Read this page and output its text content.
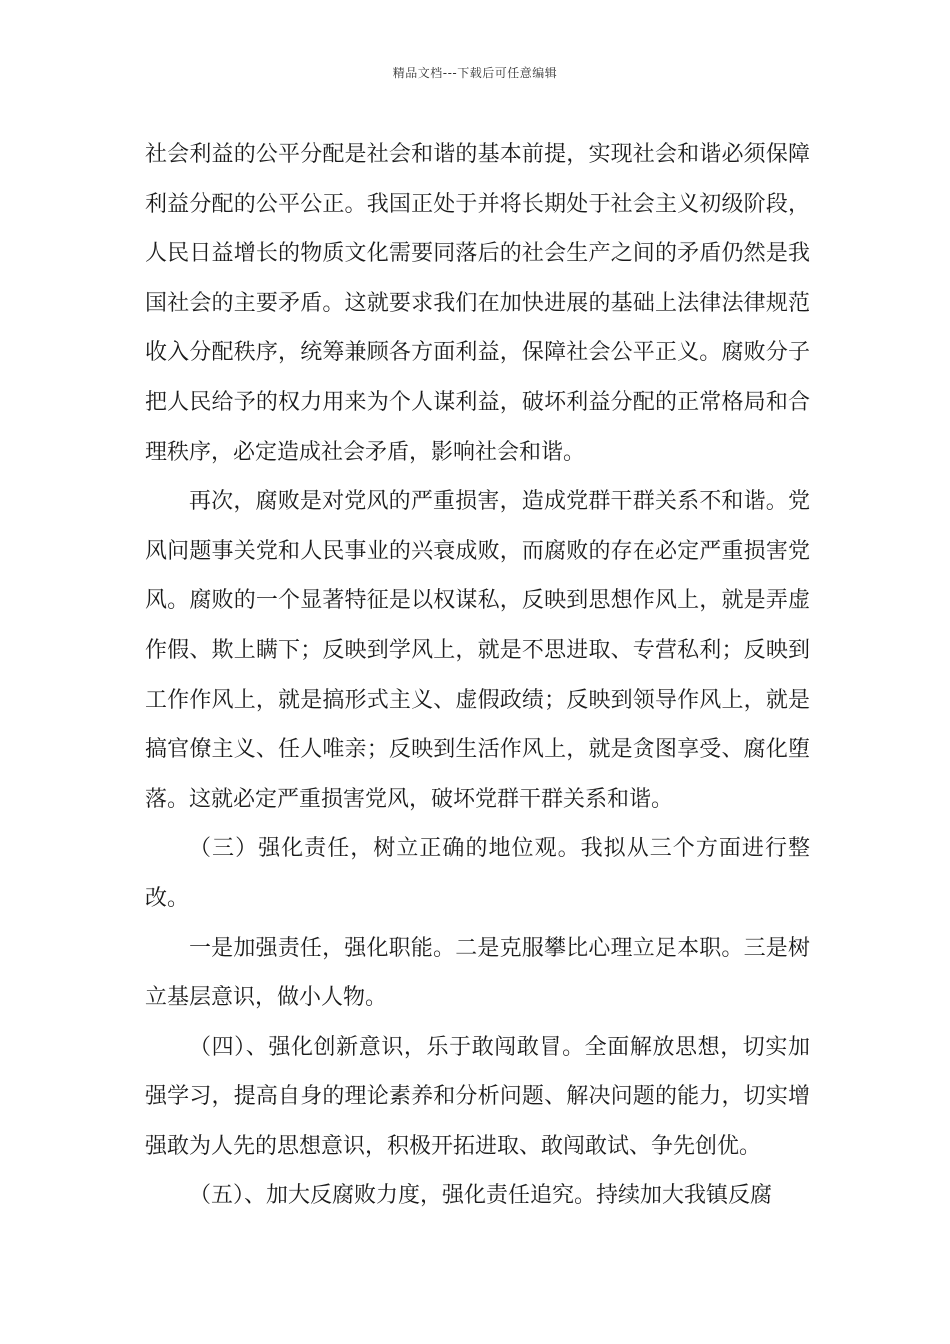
精品文档---下载后可任意编辑

社会利益的公平分配是社会和谐的基本前提，实现社会和谐必须保障利益分配的公平公正。我国正处于并将长期处于社会主义初级阶段，人民日益增长的物质文化需要同落后的社会生产之间的矛盾仍然是我国社会的主要矛盾。这就要求我们在加快进展的基础上法律法律规范收入分配秩序，统筹兼顾各方面利益，保障社会公平正义。腐败分子把人民给予的权力用来为个人谋利益，破坏利益分配的正常格局和合理秩序，必定造成社会矛盾，影响社会和谐。

再次，腐败是对党风的严重损害，造成党群干群关系不和谐。党风问题事关党和人民事业的兴衰成败，而腐败的存在必定严重损害党风。腐败的一个显著特征是以权谋私，反映到思想作风上，就是弄虚作假、欺上瞒下；反映到学风上，就是不思进取、专营私利；反映到工作作风上，就是搞形式主义、虚假政绩；反映到领导作风上，就是搞官僚主义、任人唯亲；反映到生活作风上，就是贪图享受、腐化堕落。这就必定严重损害党风，破坏党群干群关系和谐。

（三）强化责任，树立正确的地位观。我拟从三个方面进行整改。

一是加强责任，强化职能。二是克服攀比心理立足本职。三是树立基层意识，做小人物。

（四）、强化创新意识，乐于敢闯敢冒。全面解放思想，切实加强学习，提高自身的理论素养和分析问题、解决问题的能力，切实增强敢为人先的思想意识，积极开拓进取、敢闯敢试、争先创优。

（五）、加大反腐败力度，强化责任追究。持续加大我镇反腐
